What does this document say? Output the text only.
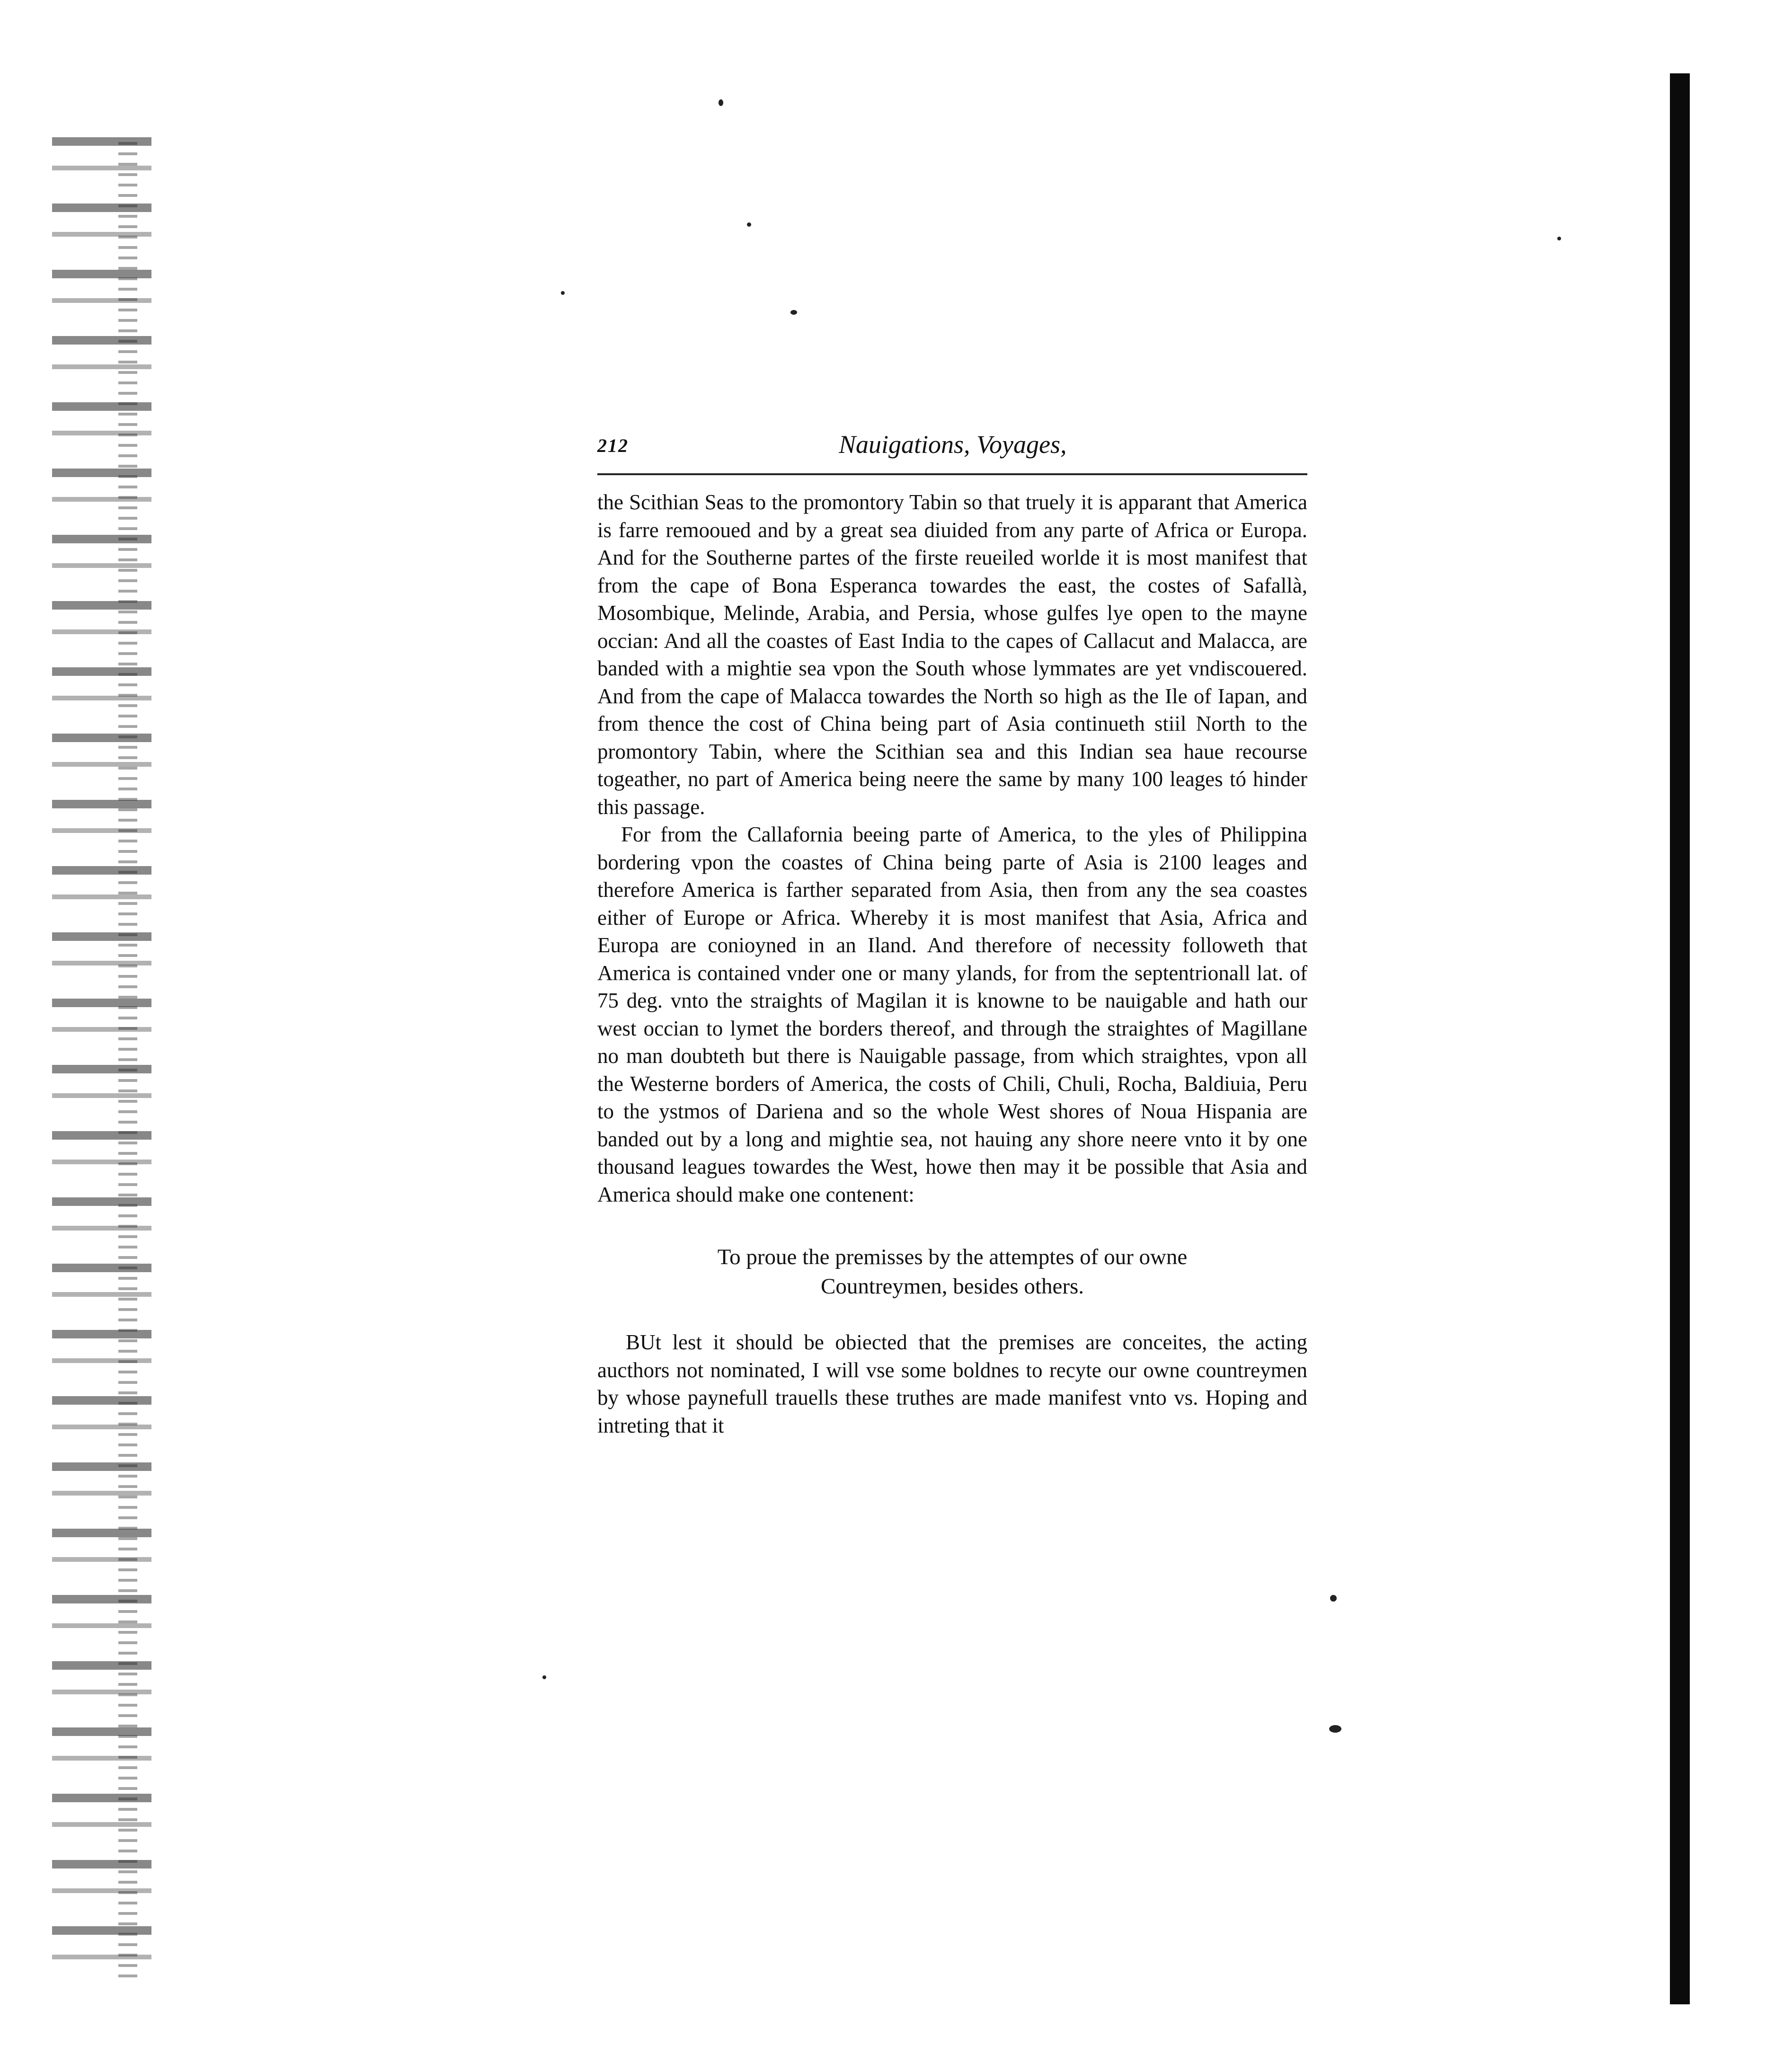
212	Nauigations, Voyages,

the Scithian Seas to the promontory Tabin so that truely it is apparant that America is farre remooued and by a great sea diuided from any parte of Africa or Europa. And for the Southerne partes of the firste reueiled worlde it is most manifest that from the cape of Bona Esperanca towardes the east, the costes of Safallà, Mosombique, Melinde, Arabia, and Persia, whose gulfes lye open to the mayne occian: And all the coastes of East India to the capes of Callacut and Malacca, are banded with a mightie sea vpon the South whose lymmates are yet vndiscouered. And from the cape of Malacca towardes the North so high as the Ile of Iapan, and from thence the cost of China being part of Asia continueth stiil North to the promontory Tabin, where the Scithian sea and this Indian sea haue recourse togeather, no part of America being neere the same by many 100 leages tó hinder this passage.

For from the Callafornia beeing parte of America, to the yles of Philippina bordering vpon the coastes of China being parte of Asia is 2100 leages and therefore America is farther separated from Asia, then from any the sea coastes either of Europe or Africa. Whereby it is most manifest that Asia, Africa and Europa are conioyned in an Iland. And therefore of necessity followeth that America is contained vnder one or many ylands, for from the septentrionall lat. of 75 deg. vnto the straights of Magilan it is knowne to be nauigable and hath our west occian to lymet the borders thereof, and through the straightes of Magillane no man doubteth but there is Nauigable passage, from which straightes, vpon all the Westerne borders of America, the costs of Chili, Chuli, Rocha, Baldiuia, Peru to the ystmos of Dariena and so the whole West shores of Noua Hispania are banded out by a long and mightie sea, not hauing any shore neere vnto it by one thousand leagues towardes the West, howe then may it be possible that Asia and America should make one contenent:

To proue the premisses by the attemptes of our owne
Countreymen, besides others.

BUt lest it should be obiected that the premises are conceites, the acting aucthors not nominated, I will vse some boldnes to recyte our owne countreymen by whose paynefull trauells these truthes are made manifest vnto vs. Hoping and intreting that it
